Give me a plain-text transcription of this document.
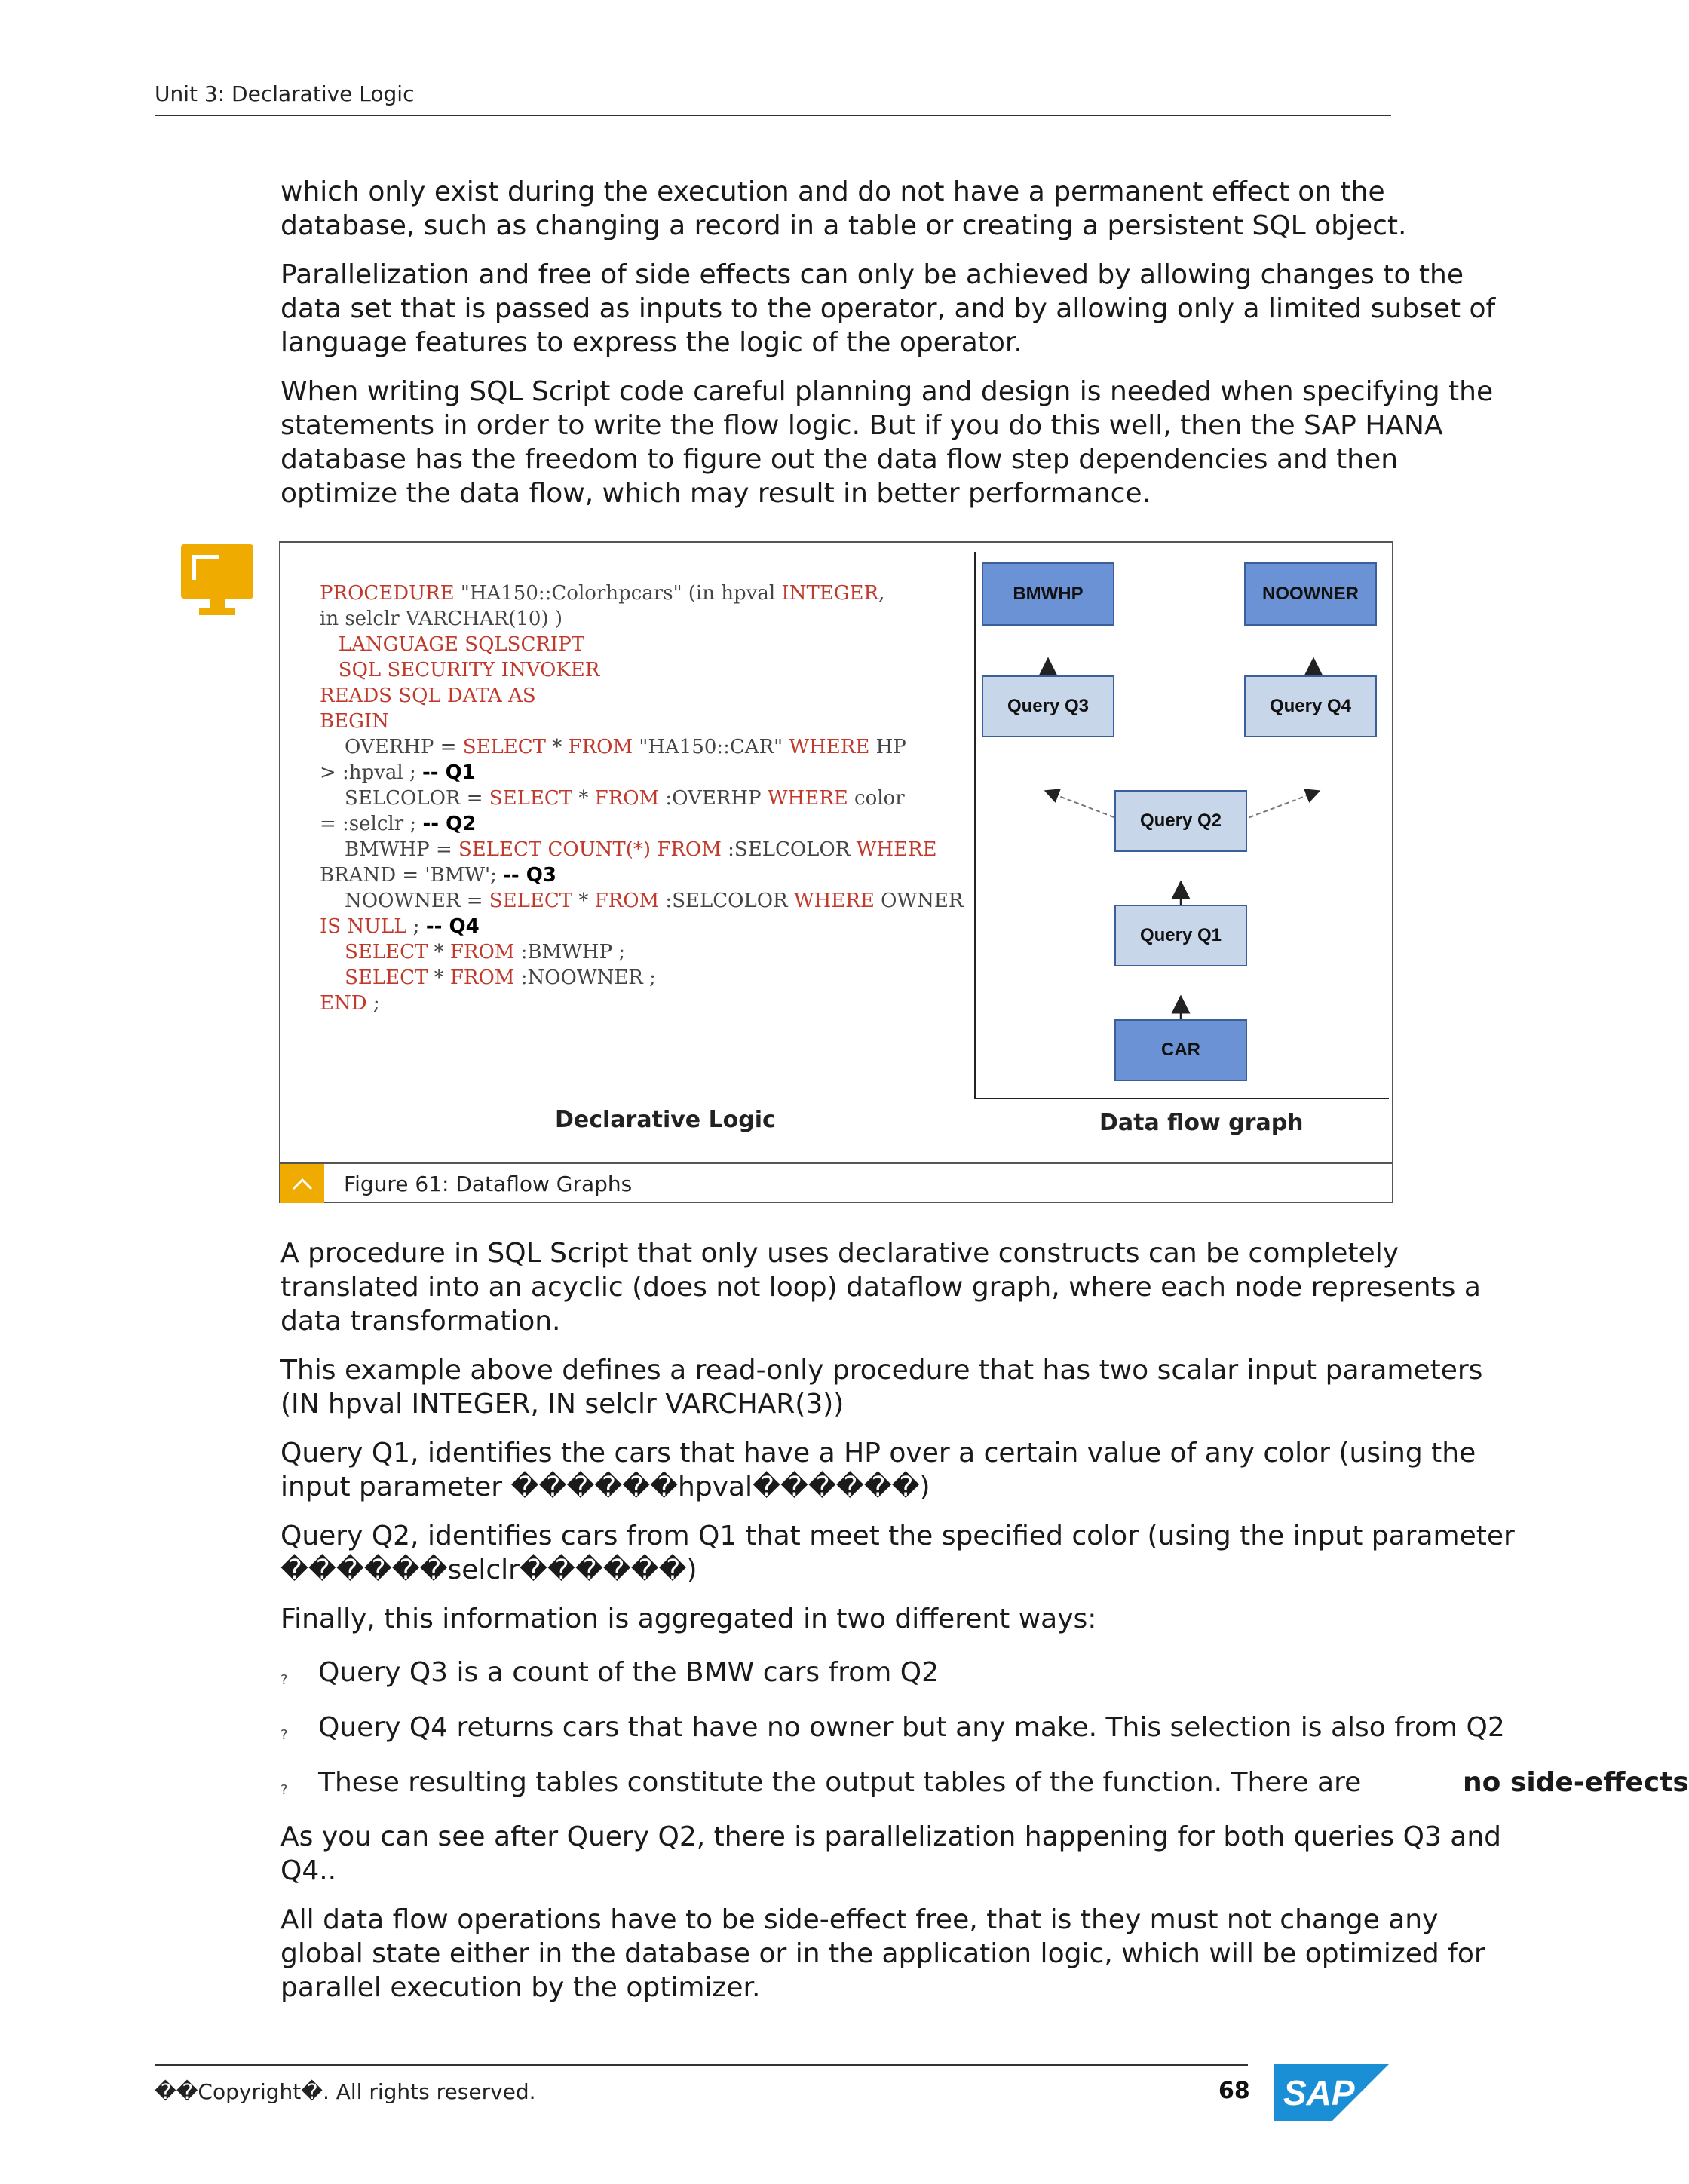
Unit 3: Declarative Logic

which only exist during the execution and do not have a permanent effect on the database, such as changing a record in a table or creating a persistent SQL object.

Parallelization and free of side effects can only be achieved by allowing changes to the data set that is passed as inputs to the operator, and by allowing only a limited subset of language features to express the logic of the operator.

When writing SQL Script code careful planning and design is needed when specifying the statements in order to write the flow logic. But if you do this well, then the SAP HANA database has the freedom to figure out the data flow step dependencies and then optimize the data flow, which may result in better performance.

PROCEDURE "HA150::Colorhpcars" (in hpval INTEGER,
in selclr VARCHAR(10) )
LANGUAGE SQLSCRIPT
SQL SECURITY INVOKER
READS SQL DATA AS
BEGIN
OVERHP = SELECT * FROM "HA150::CAR" WHERE HP
> :hpval ; -- Q1
SELCOLOR = SELECT * FROM :OVERHP WHERE color
= :selclr ; -- Q2
BMWHP = SELECT COUNT(*) FROM :SELCOLOR WHERE
BRAND = 'BMW'; -- Q3
NOOWNER = SELECT * FROM :SELCOLOR WHERE OWNER
IS NULL ; -- Q4
SELECT * FROM :BMWHP ;
SELECT * FROM :NOOWNER ;
END ;
BMWHP	NOOWNER
Query Q3	Query Q4
Query Q2
Query Q1
CAR
Declarative Logic	Data flow graph
Figure 61: Dataflow Graphs

A procedure in SQL Script that only uses declarative constructs can be completely translated into an acyclic (does not loop) dataflow graph, where each node represents a data transformation.

This example above defines a read-only procedure that has two scalar input parameters (IN hpval INTEGER, IN selclr VARCHAR(3))

Query Q1, identifies the cars that have a HP over a certain value of any color (using the input parameter ������hpval������)

Query Q2, identifies cars from Q1 that meet the specified color (using the input parameter ������selclr������)

Finally, this information is aggregated in two different ways:

? Query Q3 is a count of the BMW cars from Q2
? Query Q4 returns cars that have no owner but any make. This selection is also from Q2
? These resulting tables constitute the output tables of the function. There are	no side-effects

As you can see after Query Q2, there is parallelization happening for both queries Q3 and Q4..

All data flow operations have to be side-effect free, that is they must not change any global state either in the database or in the application logic, which will be optimized for parallel execution by the optimizer.

��Copyright�. All rights reserved.	68 SAP
